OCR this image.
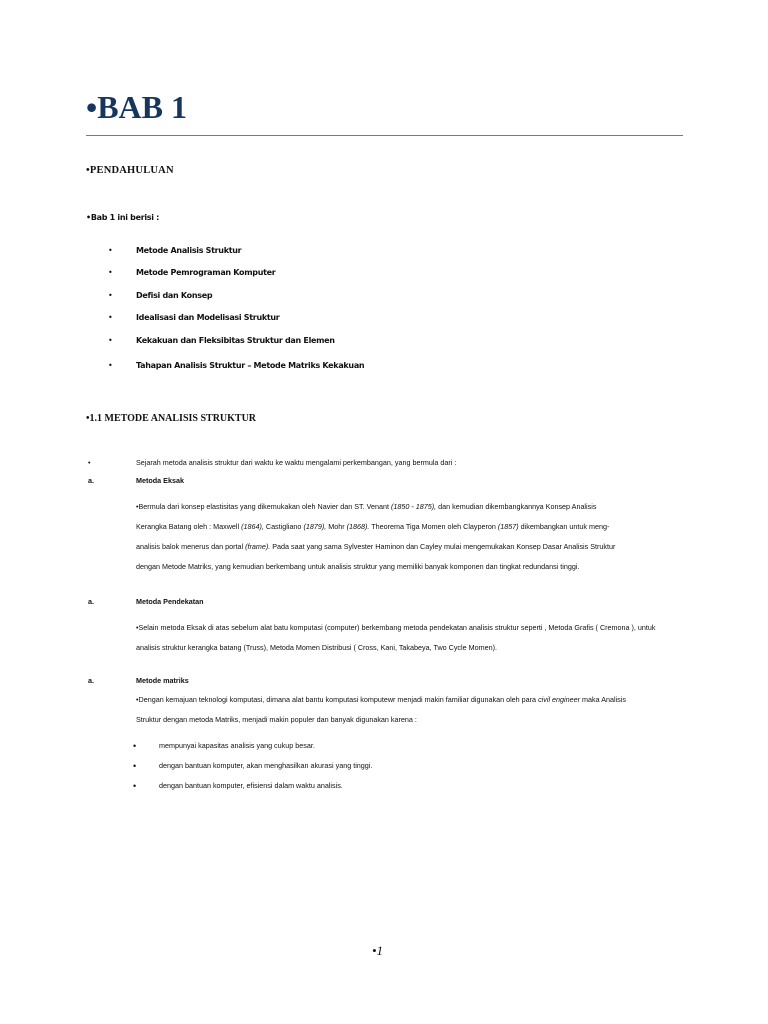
•BAB 1

•PENDAHULUAN

•Bab 1 ini berisi :

•	Metode Analisis Struktur
•	Metode Pemrograman Komputer
•	Defisi dan Konsep
•	Idealisasi dan Modelisasi Struktur
•	Kekakuan dan Fleksibitas Struktur dan Elemen
•	Tahapan Analisis Struktur – Metode Matriks Kekakuan

•1.1 METODE ANALISIS STRUKTUR

•	Sejarah metoda analisis struktur dari waktu ke waktu mengalami perkembangan, yang bermula dari :
a.	Metoda Eksak

•Bermula dari konsep elastisitas yang dikemukakan oleh Navier dan ST. Venant (1850 - 1875), dan kemudian dikembangkannya Konsep Analisis
Kerangka Batang oleh : Maxwell (1864), Castigliano (1879), Mohr (1868). Theorema Tiga Momen oleh Clayperon (1857) dikembangkan untuk meng-
analisis balok menerus dan portal (frame). Pada saat yang sama Sylvester Haminon dan Cayley mulai mengemukakan Konsep Dasar Analisis Struktur
dengan Metode Matriks, yang kemudian berkembang untuk analisis struktur yang memiliki banyak komponen dan tingkat redundansi tinggi.

a.	Metoda Pendekatan

•Selain metoda Eksak di atas sebelum alat batu komputasi (computer) berkembang metoda pendekatan analisis struktur seperti , Metoda Grafis ( Cremona ), untuk
analisis struktur kerangka batang (Truss), Metoda Momen Distribusi ( Cross, Kani, Takabeya, Two Cycle Momen).

a.	Metode matriks

•Dengan kemajuan teknologi komputasi, dimana alat bantu komputasi komputewr menjadi makin familiar digunakan oleh para civil engineer maka Analisis
Struktur dengan metoda Matriks, menjadi makin populer dan banyak digunakan karena :

•	mempunyai kapasitas analisis yang cukup besar.
•	dengan bantuan komputer, akan menghasilkan akurasi yang tinggi.
•	dengan bantuan komputer, efisiensi dalam waktu analisis.

•1
